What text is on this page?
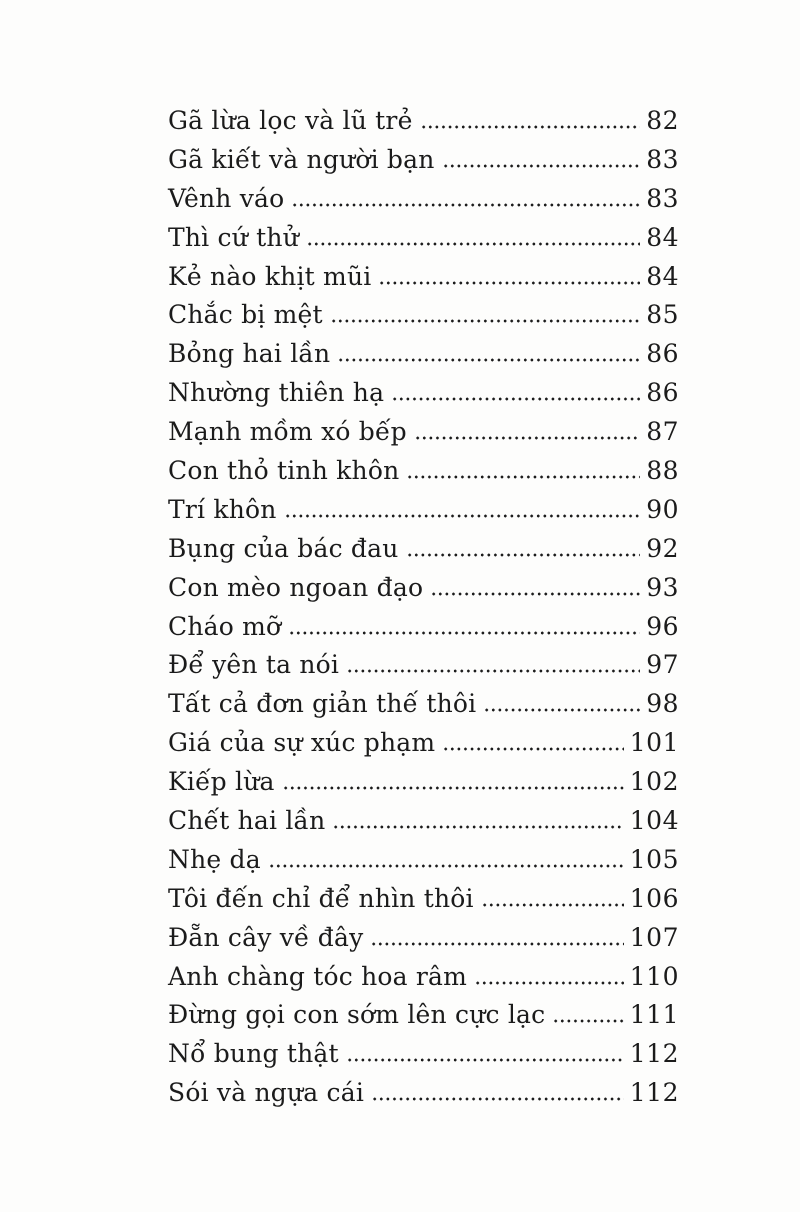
Gã lừa lọc và lũ trẻ	82
Gã kiết và người bạn	83
Vênh váo	83
Thì cứ thử	84
Kẻ nào khịt mũi	84
Chắc bị mệt	85
Bỏng hai lần	86
Nhường thiên hạ	86
Mạnh mồm xó bếp	87
Con thỏ tinh khôn	88
Trí khôn	90
Bụng của bác đau	92
Con mèo ngoan đạo	93
Cháo mỡ	96
Để yên ta nói	97
Tất cả đơn giản thế thôi	98
Giá của sự xúc phạm	101
Kiếp lừa	102
Chết hai lần	104
Nhẹ dạ	105
Tôi đến chỉ để nhìn thôi	106
Đẵn cây về đây	107
Anh chàng tóc hoa râm	110
Đừng gọi con sớm lên cực lạc	111
Nổ bung thật	112
Sói và ngựa cái	112
